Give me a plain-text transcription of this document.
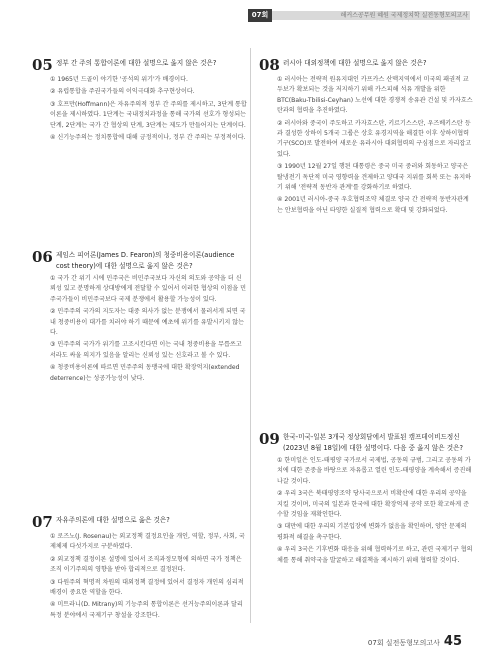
07회	해커스공무원 혜원 국제정치학 실전동형모의고사
05 정부 간 주의 통합이론에 대한 설명으로 옳지 않은 것은?
① 1965년 드골이 야기한 '공석의 위기'가 배경이다.
② 유럽통합을 주권국가들의 이익극대화 추구현상이다.
③ 호프만(Hoffmann)은 자유주의적 정부 간 주의를 제시하고, 3단계 통합이론을 제시하였다. 1단계는 국내정치과정을 통해 국가의 선호가 형성되는 단계, 2단계는 국가 간 협상의 단계, 3단계는 제도가 만들어지는 단계이다.
④ 신기능주의는 정치통합에 대해 긍정적이나, 정부 간 주의는 부정적이다.
06 제임스 피어론(James D. Fearon)의 청중비용이론(audience cost theory)에 대한 설명으로 옳지 않은 것은?
① 국가 간 위기 시에 민주국은 비민주국보다 자신의 의도와 공약을 더 신뢰성 있고 분명하게 상대방에게 전달할 수 있어서 이러한 협상의 이점을 민주국가들이 비민주국보다 국제 분쟁에서 활용할 가능성이 있다.
② 민주주의 국가의 지도자는 대중 의사가 없는 분쟁에서 물러서게 되면 국내 청중비용이 대가를 치러야 하기 때문에 예초에 위기를 유발시키지 않는다.
③ 민주주의 국가가 위기를 고조시킨다면 이는 국내 청중비용을 무릅쓰고서라도 싸울 의지가 있음을 알리는 신뢰성 있는 신호라고 볼 수 있다.
④ 청중비용이론에 따르면 민주주의 동맹국에 대한 확장억지(extended deterrence)는 성공가능성이 낮다.
07 자유주의론에 대한 설명으로 옳은 것은?
① 로즈노(J. Rosenau)는 외교정책 결정요인을 개인, 역할, 정부, 사회, 국제체제 다섯가지로 구분하였다.
② 외교정책 결정이론 설명에 있어서 조직과정모형에 의하면 국가 정책은 조직 이기주의의 영향을 받아 합리적으로 결정된다.
③ 다원주의 혁명적 차원의 대외정책 결정에 있어서 결정자 개인의 심리적 배경이 중요한 역할을 한다.
④ 미트라니(D. Mitrany)의 기능주의 통합이론은 선거능주의이론과 달리 특정 분야에서 국제기구 창설을 강조한다.
08 러시아 대외정책에 대한 설명으로 옳지 않은 것은?
① 러시아는 전략적 원유지대인 카프카스 산맥지역에서 미국의 패권적 교두보가 확보되는 것을 저지하기 위해 카스피해 석유 개발을 위한 BTC(Baku-Tbilisi-Ceyhan) 노선에 대한 경쟁적 송유관 건설 및 카자흐스탄과의 협력을 추진하였다.
② 러시아와 중국이 주도하고 카자흐스탄, 키르기스스탄, 우즈베키스탄 등과 결성한 상하이 5개국 그룹은 상호 유경지역을 해결한 이후 상하이협력기구(SCO)로 발전하여 새로운 유라시아 대외협력의 구심점으로 자리잡고 있다.
③ 1990년 12월 27일 행된 대통령은 중국 미국 중러와 회동하고 양국은 탈냉전기 독단적 미국 영향력을 견제하고 양대국 지위를 회복 또는 유지하기 위해 '전략적 동반자 관계'를 강화하기로 하였다.
④ 2001년 러시아-중국 우호협력조약 체결로 양국 간 전략적 동반자관계는 안보협력을 아닌 타양한 실질적 협력으로 확대 및 강화되었다.
09 한국-미국-일본 3개국 정상회담에서 발표된 캠프데이비드정신(2023년 8월 18일)에 대한 설명이다. 다음 중 옳지 않은 것은?
① 한미일은 인도-태평양 국가로서 국제법, 공동의 규범, 그리고 공동의 가치에 대한 존중을 바탕으로 자유롭고 열린 인도-태평양을 계속해서 증진해 나갈 것이다.
② 우리 3국은 북태평양조약 당사국으로서 비확산에 대한 우리의 공약을 지킬 것이며, 미국의 일본과 한국에 대한 확장억제 공약 또한 확고하게 준수할 것임을 재확인한다.
③ 대만에 대한 우리의 기본입장에 변화가 없음을 확인하며, 양안 문제의 평화적 해결을 촉구한다.
④ 우리 3국은 기후변화 대응을 위해 협력하기로 하고, 관련 국제기구 협의체를 통해 취약국을 발굴하고 해결책을 제시하기 위해 협력할 것이다.
07회 실전동형모의고사 45
